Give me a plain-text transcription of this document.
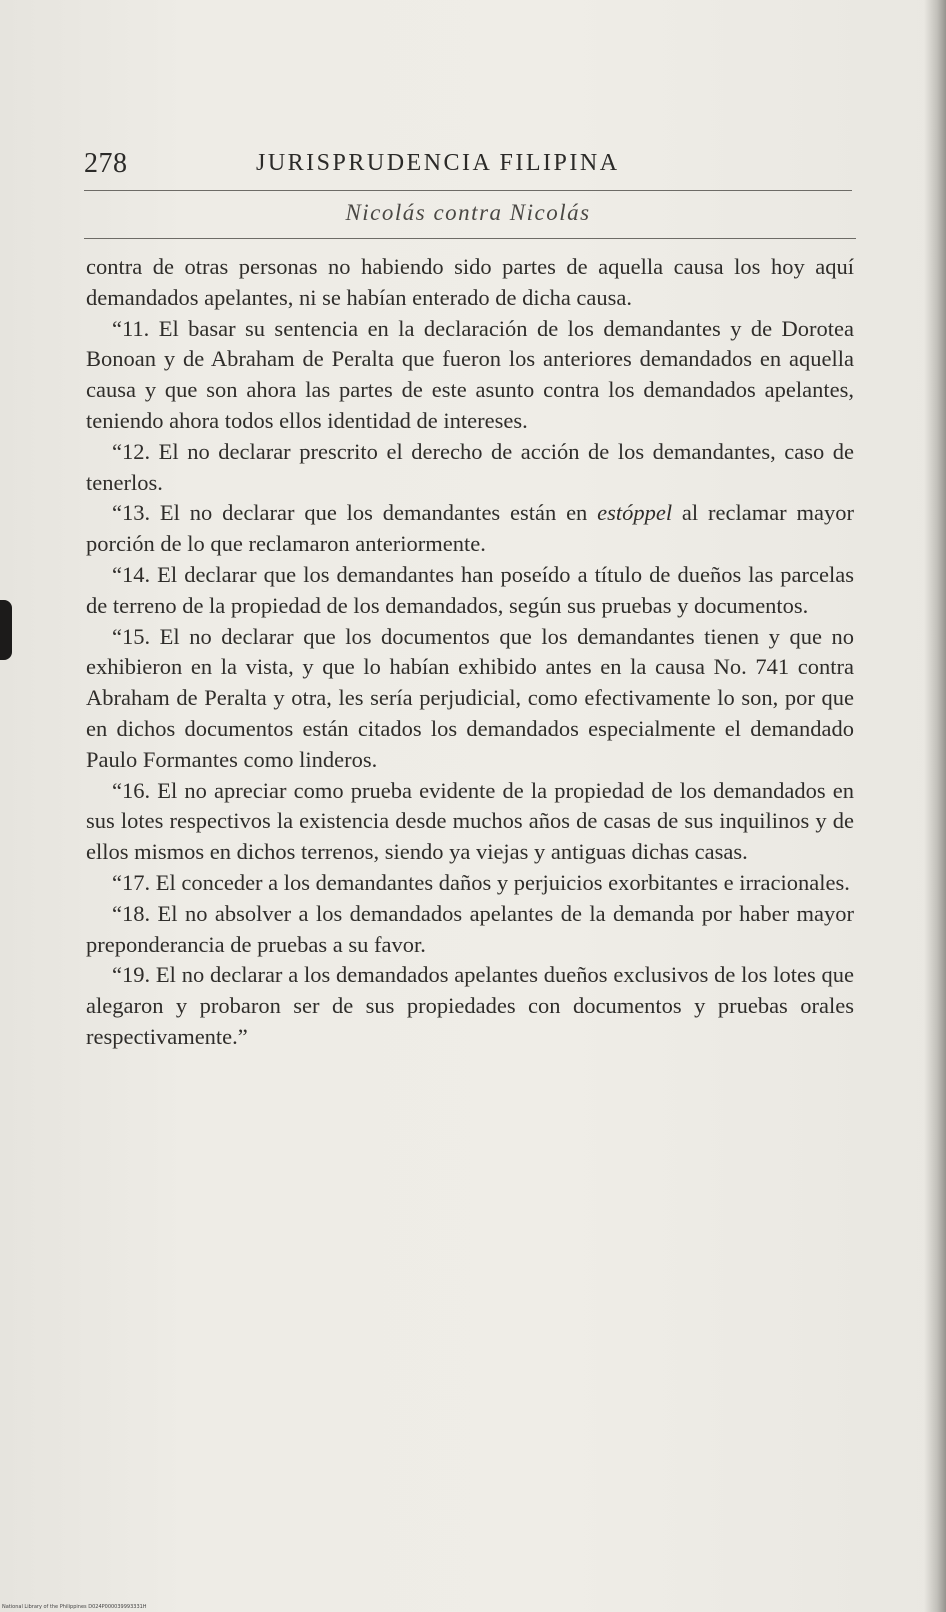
278	JURISPRUDENCIA FILIPINA
Nicolás contra Nicolás

contra de otras personas no habiendo sido partes de aquella causa los hoy aquí demandados apelantes, ni se habían enterado de dicha causa.

“11. El basar su sentencia en la declaración de los demandantes y de Dorotea Bonoan y de Abraham de Peralta que fueron los anteriores demandados en aquella causa y que son ahora las partes de este asunto contra los demandados apelantes, teniendo ahora todos ellos identidad de intereses.

“12. El no declarar prescrito el derecho de acción de los demandantes, caso de tenerlos.

“13. El no declarar que los demandantes están en estóppel al reclamar mayor porción de lo que reclamaron anteriormente.

“14. El declarar que los demandantes han poseído a título de dueños las parcelas de terreno de la propiedad de los demandados, según sus pruebas y documentos.

“15. El no declarar que los documentos que los demandantes tienen y que no exhibieron en la vista, y que lo habían exhibido antes en la causa No. 741 contra Abraham de Peralta y otra, les sería perjudicial, como efectivamente lo son, por que en dichos documentos están citados los demandados especialmente el demandado Paulo Formantes como linderos.

“16. El no apreciar como prueba evidente de la propiedad de los demandados en sus lotes respectivos la existencia desde muchos años de casas de sus inquilinos y de ellos mismos en dichos terrenos, siendo ya viejas y antiguas dichas casas.

“17. El conceder a los demandantes daños y perjuicios exorbitantes e irracionales.

“18. El no absolver a los demandados apelantes de la demanda por haber mayor preponderancia de pruebas a su favor.

“19. El no declarar a los demandados apelantes dueños exclusivos de los lotes que alegaron y probaron ser de sus propiedades con documentos y pruebas orales respectivamente.”

National Library of the Philippines D024P000039993331H
